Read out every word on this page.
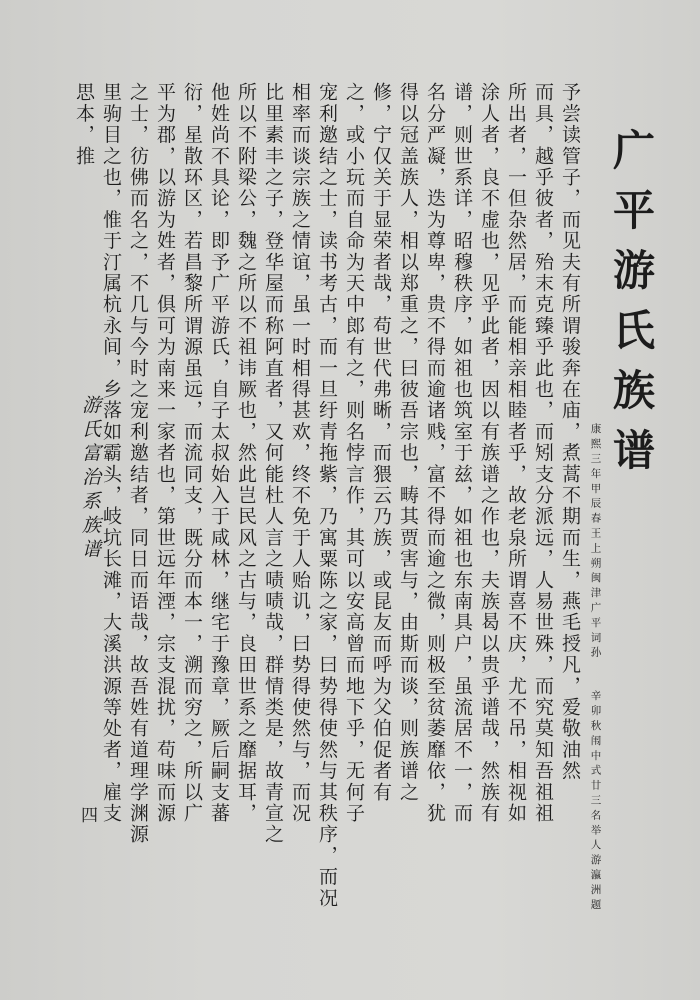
广平游氏族谱
康熙三年甲辰春王上朔闽津广平词孙
辛卯秋闱中式廿三名举人游瀛洲题
予尝读管子，而见夫有所谓骏奔在庙，煮蒿不期而生，燕毛授凡，爱敬油然
而具，越乎彼者，殆末克臻乎此也，而矧支分派远，人易世殊，而究莫知吾祖祖
所出者，一但杂然居，而能相亲相睦者乎，故老泉所谓喜不庆，尤不吊，相视如
涂人者，良不虚也，见乎此者，因以有族谱之作也，夫族曷以贵乎谱哉，然族有
谱，则世系详，昭穆秩序，如祖也筑室于兹，如祖也东南具户，虽流居不一，而
名分严凝，迭为尊卑，贵不得而逾诸贱，富不得而逾之微，则极至贫萎靡依，犹
得以冠盖族人，相以郑重之，曰彼吾宗也，畴其贾害与，由斯而谈，则族谱之
修，宁仅关于显荣者哉，苟世代弗晰，而猥云乃族，或昆友而呼为父伯促者有
之，或小玩而自命为天中郎有之，则名悖言作，其可以安高曾而地下乎，无何子
宠利邀结之士，读书考古，而一旦纡青拖紫，乃寓粟陈之家，曰势得使然与其秩序，而况
相率而谈宗族之情谊，虽一时相得甚欢，终不免于人贻讥，曰势得使然与，而况
比里素丰之子，登华屋而称阿直者，又何能杜人言之啧啧哉，群情类是，故青宣之
所以不附梁公，魏之所以不祖讳厥也，然此岂民风之古与，良田世系之靡据耳，
他姓尚不具论，即予广平游氏，自子太叔始入于咸林，继宅于豫章，厥后嗣支蕃
衍，星散环区，若昌黎所谓源虽远，而流同支，既分而本一，溯而穷之，所以广
平为郡，以游为姓者，俱可为南来一家者也，第世远年湮，宗支混扰，苟味而源
之士，彷佛而名之，不几与今时之宠利邀结者，同日而语哉，故吾姓有道理学渊源
里驹目之也，惟于汀属杭永间，乡落如霸头，岐坑长滩，大溪洪源等处者，雇支
思本，推
游氏富治系族谱
四
